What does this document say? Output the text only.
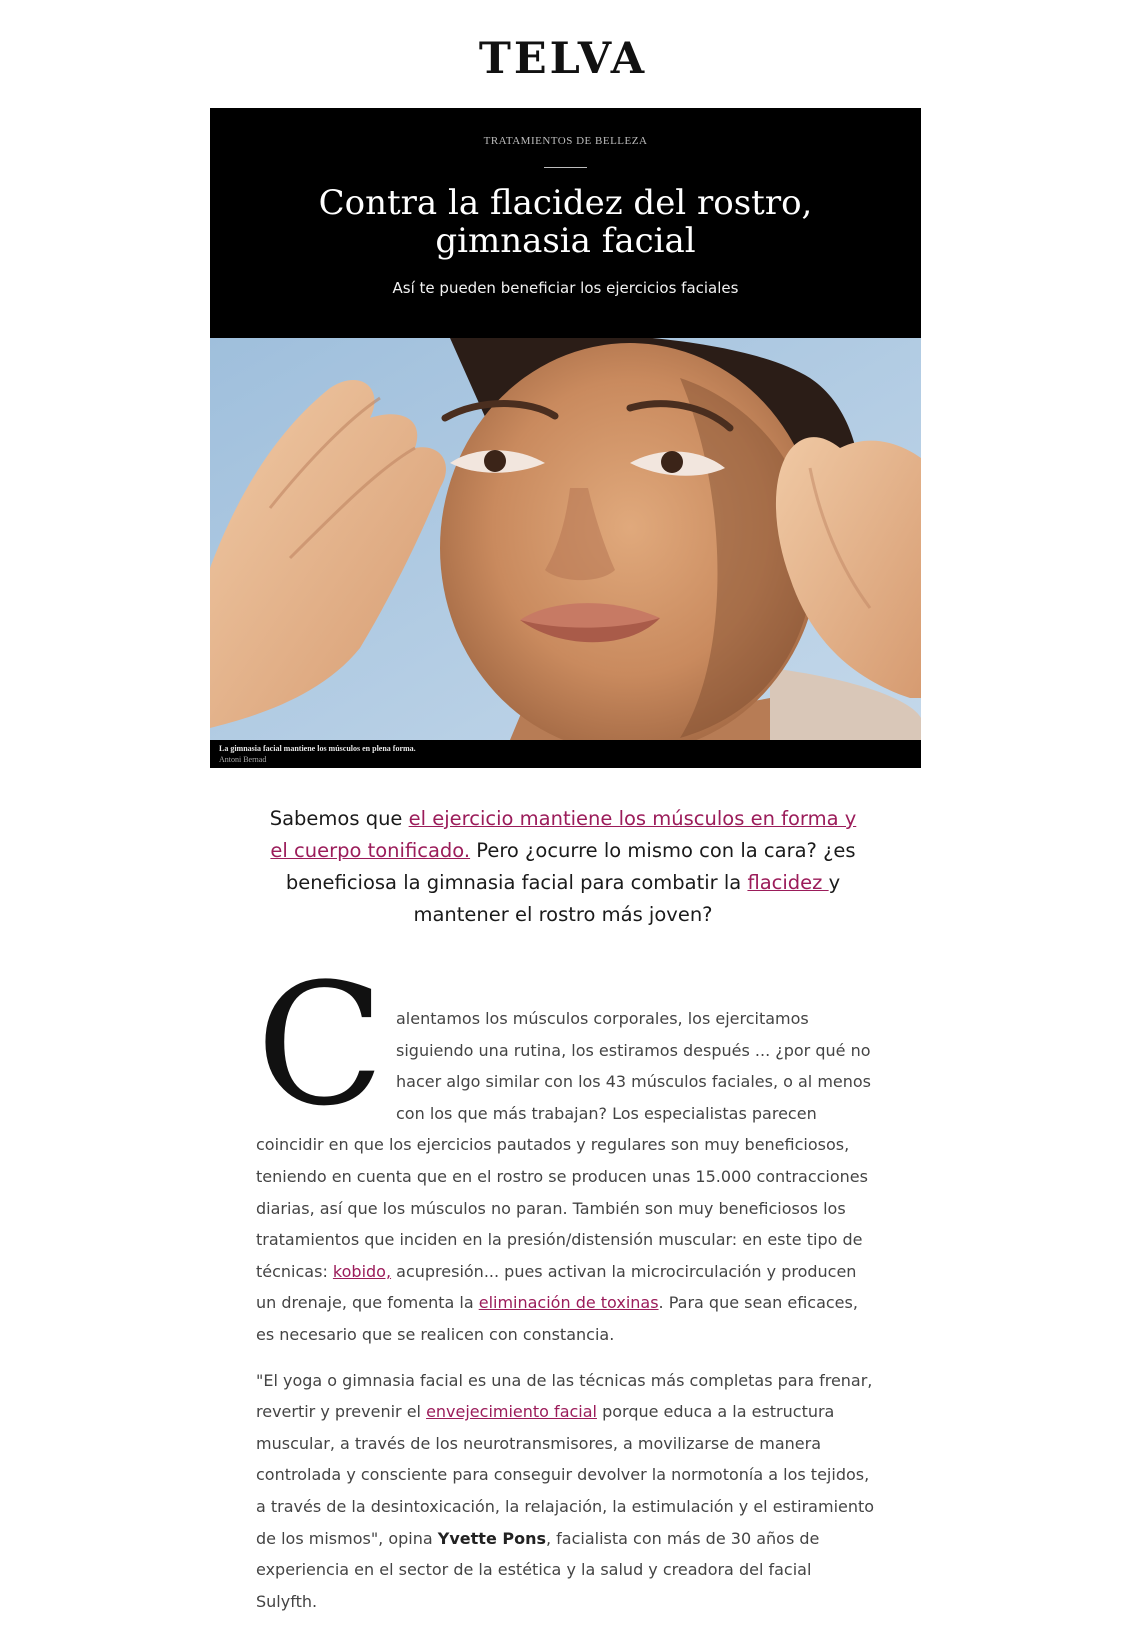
TELVA
TRATAMIENTOS DE BELLEZA
Contra la flacidez del rostro, gimnasia facial
Así te pueden beneficiar los ejercicios faciales
La gimnasia facial mantiene los músculos en plena forma.
Antoni Bernad

Sabemos que el ejercicio mantiene los músculos en forma y el cuerpo tonificado. Pero ¿ocurre lo mismo con la cara? ¿es beneficiosa la gimnasia facial para combatir la flacidez y mantener el rostro más joven?

C alentamos los músculos corporales, los ejercitamos siguiendo una rutina, los estiramos después ... ¿por qué no hacer algo similar con los 43 músculos faciales, o al menos con los que más trabajan? Los especialistas parecen coincidir en que los ejercicios pautados y regulares son muy beneficiosos, teniendo en cuenta que en el rostro se producen unas 15.000 contracciones diarias, así que los músculos no paran. También son muy beneficiosos los tratamientos que inciden en la presión/distensión muscular: en este tipo de técnicas: kobido, acupresión... pues activan la microcirculación y producen un drenaje, que fomenta la eliminación de toxinas. Para que sean eficaces, es necesario que se realicen con constancia.

"El yoga o gimnasia facial es una de las técnicas más completas para frenar, revertir y prevenir el envejecimiento facial porque educa a la estructura muscular, a través de los neurotransmisores, a movilizarse de manera controlada y consciente para conseguir devolver la normotonía a los tejidos, a través de la desintoxicación, la relajación, la estimulación y el estiramiento de los mismos", opina Yvette Pons, facialista con más de 30 años de experiencia en el sector de la estética y la salud y creadora del facial Sulyfth.
